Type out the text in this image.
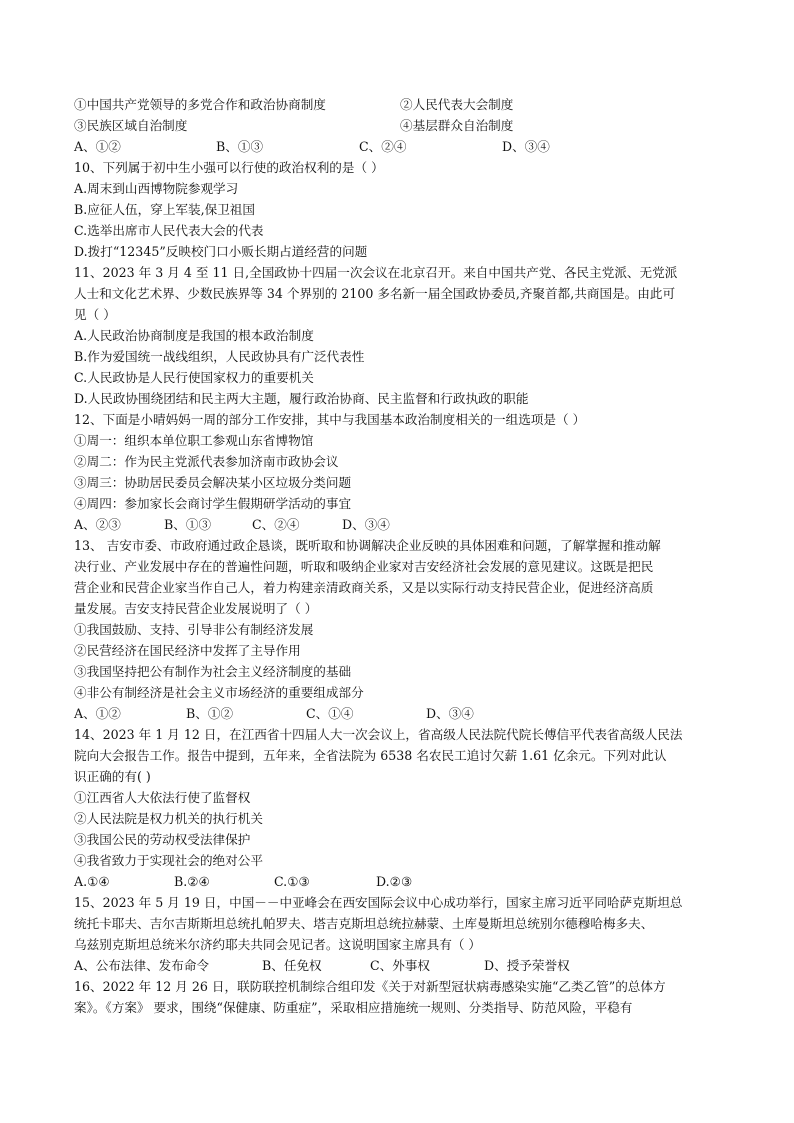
①中国共产党领导的多党合作和政治协商制度	②人民代表大会制度
③民族区域自治制度	④基层群众自治制度
A、①②	B、①③	C、②④	D、③④
10、下列属于初中生小强可以行使的政治权利的是（ ）
A.周末到山西博物院参观学习
B.应征人伍，穿上军装,保卫祖国
C.选举出席市人民代表大会的代表
D.拨打“12345”反映校门口小贩长期占道经营的问题
11、2023 年 3 月 4 至 11 日,全国政协十四届一次会议在北京召开。来自中国共产党、各民主党派、无党派
人士和文化艺术界、少数民族界等 34 个界别的 2100 多名新一届全国政协委员,齐聚首都,共商国是。由此可
见（ ）
A.人民政治协商制度是我国的根本政治制度
B.作为爱国统一战线组织，人民政协具有广泛代表性
C.人民政协是人民行使国家权力的重要机关
D.人民政协围绕团结和民主两大主题，履行政治协商、民主监督和行政执政的职能
12、下面是小晴妈妈一周的部分工作安排，其中与我国基本政治制度相关的一组选项是（ ）
①周一：组织本单位职工参观山东省博物馆
②周二：作为民主党派代表参加济南市政协会议
③周三：协助居民委员会解决某小区垃圾分类问题
④周四：参加家长会商讨学生假期研学活动的事宜
A、②③	B、①③	C、②④	D、③④
13、 吉安市委、市政府通过政企恳谈，既听取和协调解决企业反映的具体困难和问题，了解掌握和推动解
决行业、产业发展中存在的普遍性问题，听取和吸纳企业家对吉安经济社会发展的意见建议。这既是把民
营企业和民营企业家当作自己人，着力构建亲清政商关系，又是以实际行动支持民营企业，促进经济高质
量发展。吉安支持民营企业发展说明了（ ）
①我国鼓励、支持、引导非公有制经济发展
②民营经济在国民经济中发挥了主导作用
③我国坚持把公有制作为社会主义经济制度的基础
④非公有制经济是社会主义市场经济的重要组成部分
A、①②	B、①②	C、①④	D、③④
14、2023 年 1 月 12 日，在江西省十四届人大一次会议上，省高级人民法院代院长傅信平代表省高级人民法
院向大会报告工作。报告中提到，五年来，全省法院为 6538 名农民工追讨欠薪 1.61 亿余元。下列对此认
识正确的有( )
①江西省人大依法行使了监督权
②人民法院是权力机关的执行机关
③我国公民的劳动权受法律保护
④我省致力于实现社会的绝对公平
A.①④	B.②④	C.①③	D.②③
15、2023 年 5 月 19 日，中国－－中亚峰会在西安国际会议中心成功举行，国家主席习近平同哈萨克斯坦总
统托卡耶夫、吉尔吉斯斯坦总统扎帕罗夫、塔吉克斯坦总统拉赫蒙、土库曼斯坦总统别尔德穆哈梅多夫、
乌兹别克斯坦总统米尔济约耶夫共同会见记者。这说明国家主席具有（ ）
A、公布法律、发布命令	B、任免权	C、外事权	D、授予荣誉权
16、2022 年 12 月 26 日，联防联控机制综合组印发《关于对新型冠状病毒感染实施“乙类乙管”的总体方
案》。《方案》 要求，围绕“保健康、防重症”，采取相应措施统一规则、分类指导、防范风险，平稳有
